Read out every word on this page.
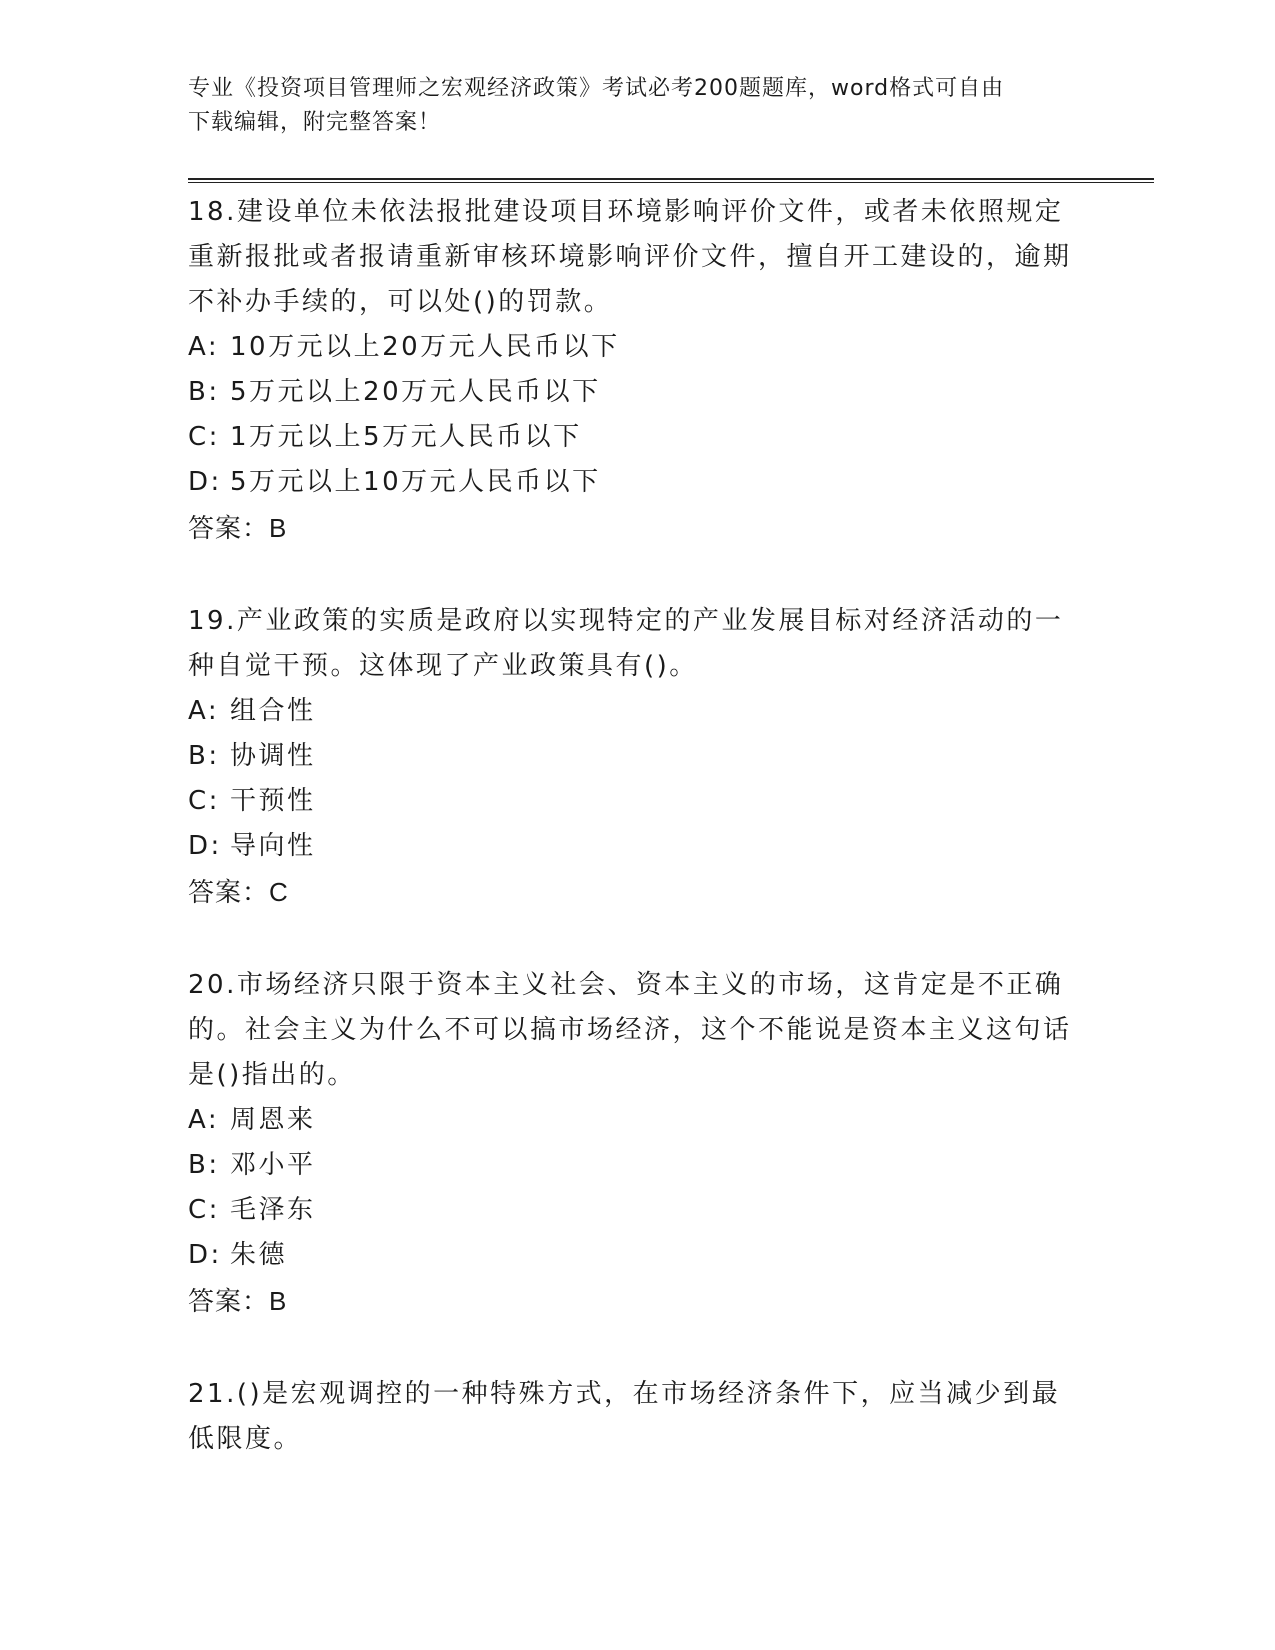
专业《投资项目管理师之宏观经济政策》考试必考200题题库，word格式可自由
下载编辑，附完整答案！

18.建设单位未依法报批建设项目环境影响评价文件，或者未依照规定重新报批或者报请重新审核环境影响评价文件，擅自开工建设的，逾期不补办手续的，可以处()的罚款。

A: 10万元以上20万元人民币以下

B: 5万元以上20万元人民币以下

C: 1万元以上5万元人民币以下

D: 5万元以上10万元人民币以下

答案：B

19.产业政策的实质是政府以实现特定的产业发展目标对经济活动的一种自觉干预。这体现了产业政策具有()。

A: 组合性

B: 协调性

C: 干预性

D: 导向性

答案：C

20.市场经济只限于资本主义社会、资本主义的市场，这肯定是不正确的。社会主义为什么不可以搞市场经济，这个不能说是资本主义这句话是()指出的。

A: 周恩来

B: 邓小平

C: 毛泽东

D: 朱德

答案：B

21.()是宏观调控的一种特殊方式，在市场经济条件下，应当减少到最低限度。
